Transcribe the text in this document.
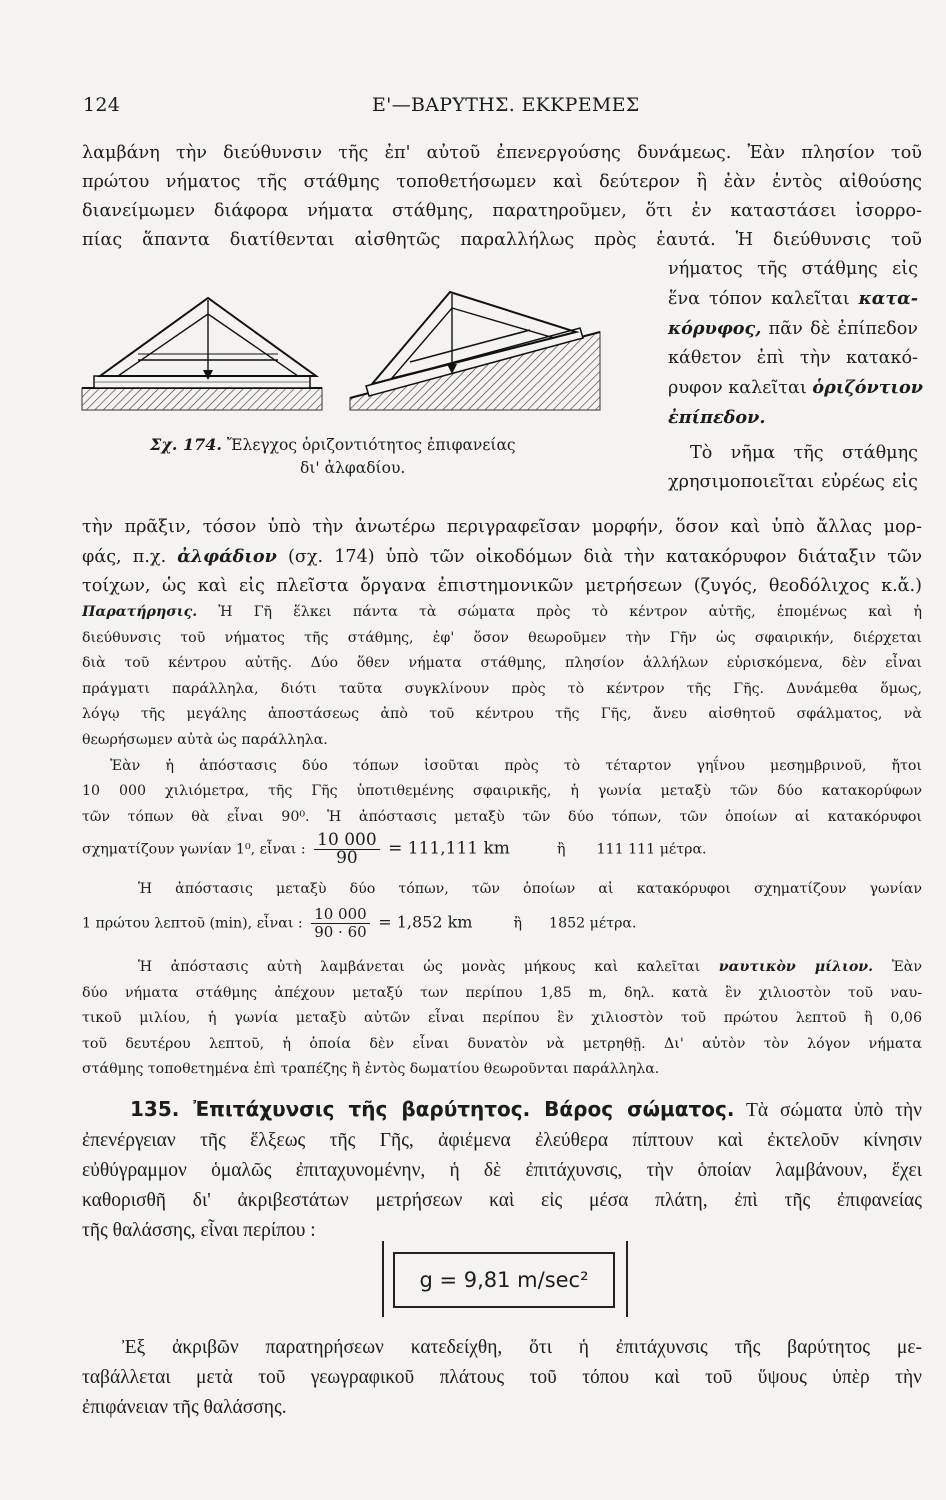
124	Ε'—ΒΑΡΥΤΗΣ. ΕΚΚΡΕΜΕΣ
λαμβάνη τὴν διεύθυνσιν τῆς ἐπ' αὐτοῦ ἐπενεργούσης δυνάμεως. Ἐὰν πλησίον τοῦ
πρώτου νήματος τῆς στάθμης τοποθετήσωμεν καὶ δεύτερον ἢ ἐὰν ἐντὸς αἰθούσης
διανείμωμεν διάφορα νήματα στάθμης, παρατηροῦμεν, ὅτι ἐν καταστάσει ἰσορρο-
πίας ἅπαντα διατίθενται αἰσθητῶς παραλλήλως πρὸς ἑαυτά. Ἡ διεύθυνσις τοῦ
νήματος τῆς στάθμης εἰς
ἕνα τόπον καλεῖται κατα-
κόρυφος, πᾶν δὲ ἐπίπεδον
κάθετον ἐπὶ τὴν κατακό-
ρυφον καλεῖται ὁριζόντιον
ἐπίπεδον.
Τὸ νῆμα τῆς στάθμης
χρησιμοποιεῖται εὐρέως εἰς
Σχ. 174. Ἔλεγχος ὁριζοντιότητος ἐπιφανείας
δι' ἀλφαδίου.
τὴν πρᾶξιν, τόσον ὑπὸ τὴν ἀνωτέρω περιγραφεῖσαν μορφήν, ὅσον καὶ ὑπὸ ἄλλας μορ-
φάς, π.χ. ἀλφάδιον (σχ. 174) ὑπὸ τῶν οἰκοδόμων διὰ τὴν κατακόρυφον διάταξιν τῶν
τοίχων, ὡς καὶ εἰς πλεῖστα ὄργανα ἐπιστημονικῶν μετρήσεων (ζυγός, θεοδόλιχος κ.ἄ.)
Παρατήρησις. Ἡ Γῆ ἕλκει πάντα τὰ σώματα πρὸς τὸ κέντρον αὐτῆς, ἑπομένως καὶ ἡ
διεύθυνσις τοῦ νήματος τῆς στάθμης, ἐφ' ὅσον θεωροῦμεν τὴν Γῆν ὡς σφαιρικήν, διέρχεται
διὰ τοῦ κέντρου αὐτῆς. Δύο ὅθεν νήματα στάθμης, πλησίον ἀλλήλων εὑρισκόμενα, δὲν εἶναι
πράγματι παράλληλα, διότι ταῦτα συγκλίνουν πρὸς τὸ κέντρον τῆς Γῆς. Δυνάμεθα ὅμως,
λόγῳ τῆς μεγάλης ἀποστάσεως ἀπὸ τοῦ κέντρου τῆς Γῆς, ἄνευ αἰσθητοῦ σφάλματος, νὰ
θεωρήσωμεν αὐτὰ ὡς παράλληλα.
Ἐὰν ἡ ἀπόστασις δύο τόπων ἰσοῦται πρὸς τὸ τέταρτον γηΐνου μεσημβρινοῦ, ἤτοι
10 000 χιλιόμετρα, τῆς Γῆς ὑποτιθεμένης σφαιρικῆς, ἡ γωνία μεταξὺ τῶν δύο κατακορύφων
τῶν τόπων θὰ εἶναι 90⁰. Ἡ ἀπόστασις μεταξὺ τῶν δύο τόπων, τῶν ὁποίων αἱ κατακόρυφοι
σχηματίζουν γωνίαν 1⁰, εἶναι : $\frac{10 000}{90} = 111,111$ km	ἢ 111 111 μέτρα.
Ἡ ἀπόστασις μεταξὺ δύο τόπων, τῶν ὁποίων αἱ κατακόρυφοι σχηματίζουν γωνίαν
1 πρώτου λεπτοῦ (min), εἶναι : $\frac{10 000}{90 \cdot 60} = 1,852$ km	ἢ 1852 μέτρα.
Ἡ ἀπόστασις αὐτὴ λαμβάνεται ὡς μονὰς μήκους καὶ καλεῖται ναυτικὸν μίλιον. Ἐὰν
δύο νήματα στάθμης ἀπέχουν μεταξύ των περίπου 1,85 m, δηλ. κατὰ ἓν χιλιοστὸν τοῦ ναυ-
τικοῦ μιλίου, ἡ γωνία μεταξὺ αὐτῶν εἶναι περίπου ἓν χιλιοστὸν τοῦ πρώτου λεπτοῦ ἢ 0,06
τοῦ δευτέρου λεπτοῦ, ἡ ὁποία δὲν εἶναι δυνατὸν νὰ μετρηθῇ. Δι' αὐτὸν τὸν λόγον νήματα
στάθμης τοποθετημένα ἐπὶ τραπέζης ἢ ἐντὸς δωματίου θεωροῦνται παράλληλα.
135. Ἐπιτάχυνσις τῆς βαρύτητος. Βάρος σώματος. Τὰ σώματα ὑπὸ τὴν
ἐπενέργειαν τῆς ἕλξεως τῆς Γῆς, ἀφιέμενα ἐλεύθερα πίπτουν καὶ ἐκτελοῦν κίνησιν
εὐθύγραμμον ὁμαλῶς ἐπιταχυνομένην, ἡ δὲ ἐπιτάχυνσις, τὴν ὁποίαν λαμβάνουν, ἔχει
καθορισθῆ δι' ἀκριβεστάτων μετρήσεων καὶ εἰς μέσα πλάτη, ἐπὶ τῆς ἐπιφανείας
τῆς θαλάσσης, εἶναι περίπου :
g = 9,81 m/sec²
Ἐξ ἀκριβῶν παρατηρήσεων κατεδείχθη, ὅτι ἡ ἐπιτάχυνσις τῆς βαρύτητος με-
ταβάλλεται μετὰ τοῦ γεωγραφικοῦ πλάτους τοῦ τόπου καὶ τοῦ ὕψους ὑπὲρ τὴν
ἐπιφάνειαν τῆς θαλάσσης.
